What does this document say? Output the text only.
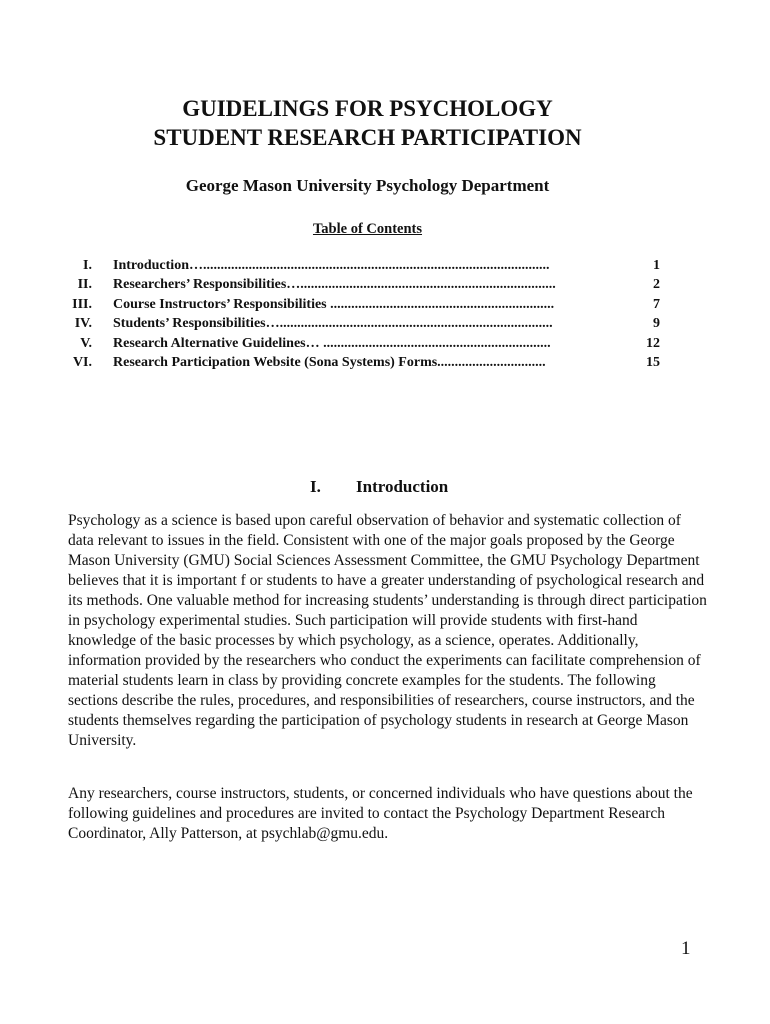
GUIDELINGS FOR PSYCHOLOGY
STUDENT RESEARCH PARTICIPATION

George Mason University Psychology Department

Table of Contents

I. Introduction…...................................................................................................	1
II. Researchers’ Responsibilities….........................................................................	2
III. Course Instructors’ Responsibilities ................................................................	7
IV. Students’ Responsibilities…..............................................................................	9
V. Research Alternative Guidelines… .................................................................	12
VI. Research Participation Website (Sona Systems) Forms...............................	15
I. Introduction

Psychology as a science is based upon careful observation of behavior and systematic collection of data relevant to issues in the field. Consistent with one of the major goals proposed by the George Mason University (GMU) Social Sciences Assessment Committee, the GMU Psychology Department believes that it is important f or students to have a greater understanding of psychological research and its methods. One valuable method for increasing students’ understanding is through direct participation in psychology experimental studies. Such participation will provide students with first-hand knowledge of the basic processes by which psychology, as a science, operates. Additionally, information provided by the researchers who conduct the experiments can facilitate comprehension of material students learn in class by providing concrete examples for the students. The following sections describe the rules, procedures, and responsibilities of researchers, course instructors, and the students themselves regarding the participation of psychology students in research at George Mason University.

Any researchers, course instructors, students, or concerned individuals who have questions about the following guidelines and procedures are invited to contact the Psychology Department Research Coordinator, Ally Patterson, at psychlab@gmu.edu.

1
